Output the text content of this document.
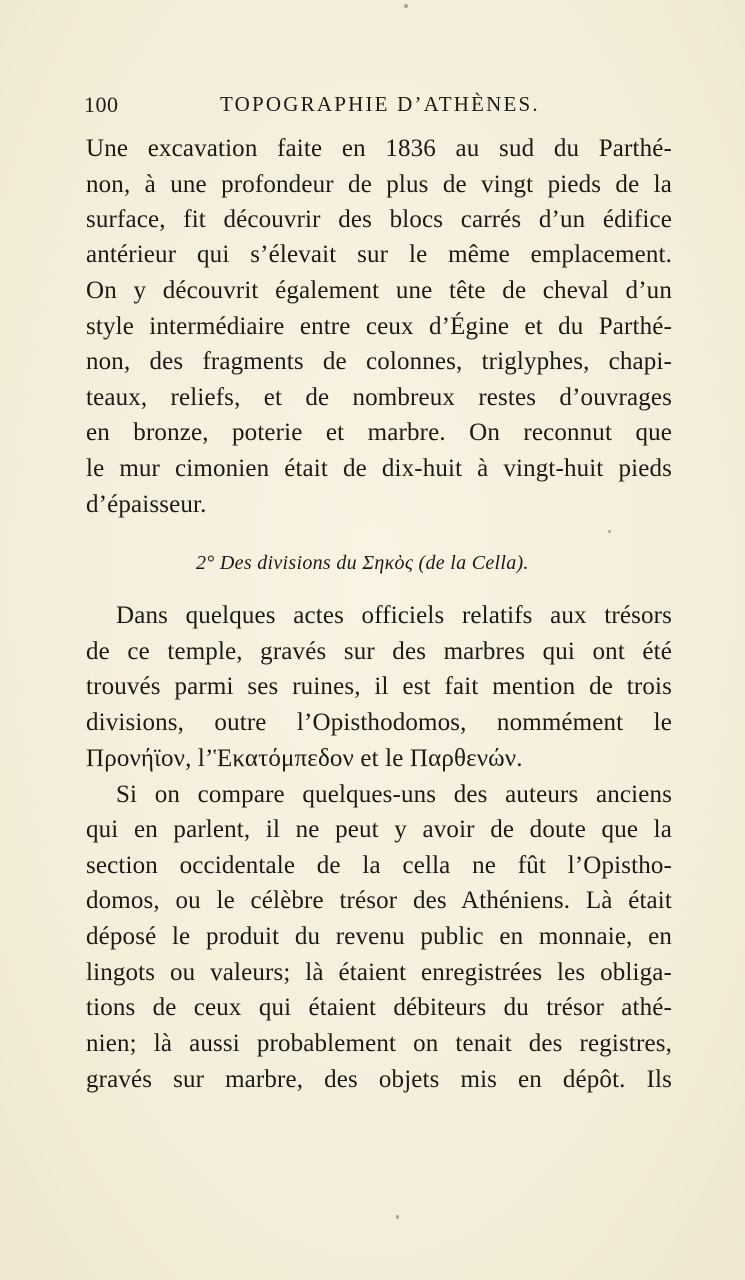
100	TOPOGRAPHIE D’ATHÈNES.
Une excavation faite en 1836 au sud du Parthé-
non, à une profondeur de plus de vingt pieds de la
surface, fit découvrir des blocs carrés d’un édifice
antérieur qui s’élevait sur le même emplacement.
On y découvrit également une tête de cheval d’un
style intermédiaire entre ceux d’Égine et du Parthé-
non, des fragments de colonnes, triglyphes, chapi-
teaux, reliefs, et de nombreux restes d’ouvrages
en bronze, poterie et marbre. On reconnut que
le mur cimonien était de dix-huit à vingt-huit pieds
d’épaisseur.
2° Des divisions du Σηκὸς (de la Cella).
Dans quelques actes officiels relatifs aux trésors
de ce temple, gravés sur des marbres qui ont été
trouvés parmi ses ruines, il est fait mention de trois
divisions, outre l’Opisthodomos, nommément le
Προνήϊον, l’Ἑκατόμπεδον et le Παρθενών.
Si on compare quelques-uns des auteurs anciens
qui en parlent, il ne peut y avoir de doute que la
section occidentale de la cella ne fût l’Opistho-
domos, ou le célèbre trésor des Athéniens. Là était
déposé le produit du revenu public en monnaie, en
lingots ou valeurs; là étaient enregistrées les obliga-
tions de ceux qui étaient débiteurs du trésor athé-
nien; là aussi probablement on tenait des registres,
gravés sur marbre, des objets mis en dépôt. Ils
